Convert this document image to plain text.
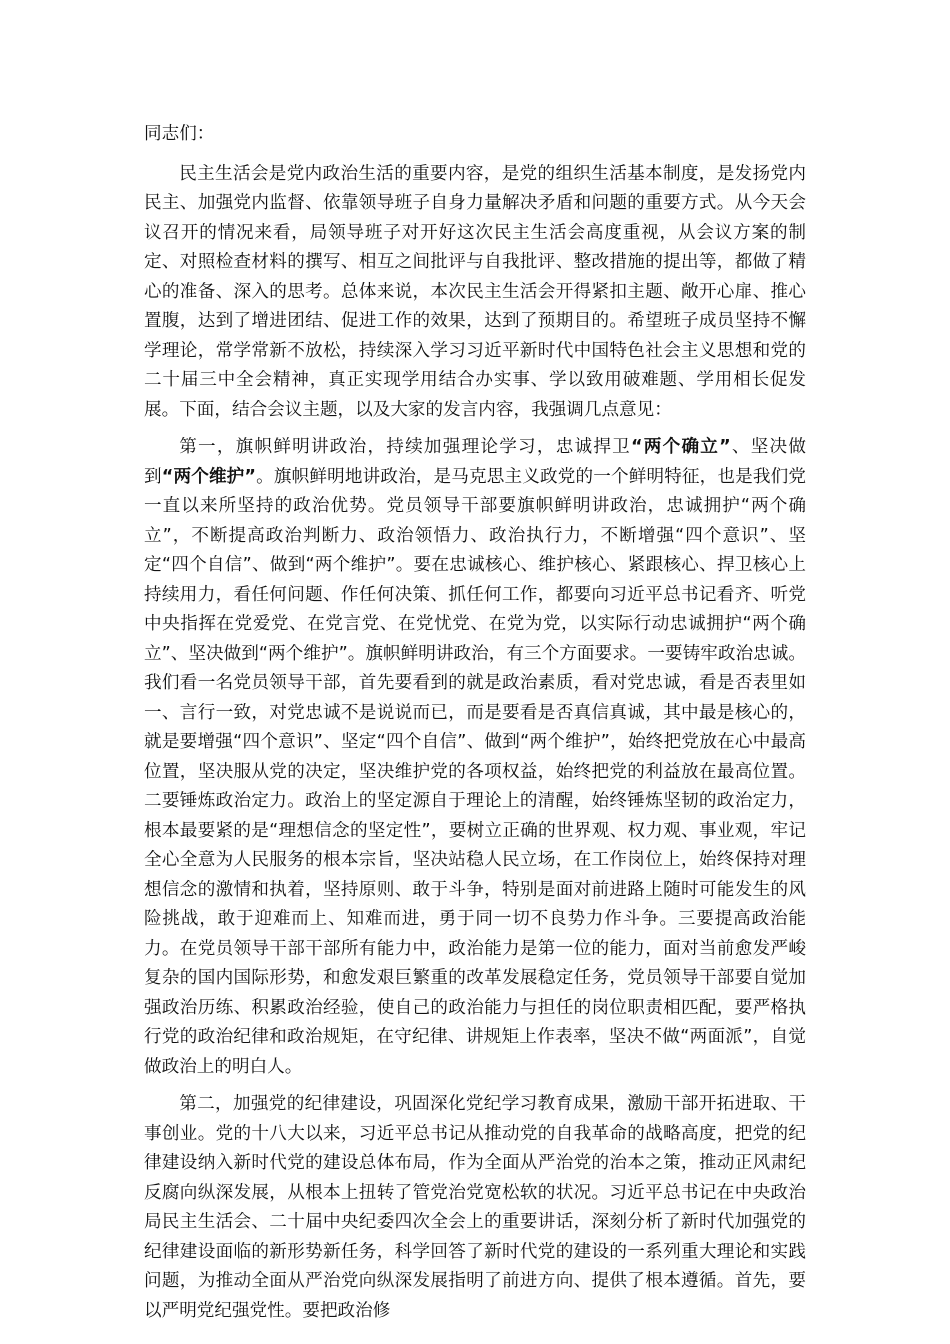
同志们：

民主生活会是党内政治生活的重要内容，是党的组织生活基本制度，是发扬党内民主、加强党内监督、依靠领导班子自身力量解决矛盾和问题的重要方式。从今天会议召开的情况来看，局领导班子对开好这次民主生活会高度重视，从会议方案的制定、对照检查材料的撰写、相互之间批评与自我批评、整改措施的提出等，都做了精心的准备、深入的思考。总体来说，本次民主生活会开得紧扣主题、敞开心扉、推心置腹，达到了增进团结、促进工作的效果，达到了预期目的。希望班子成员坚持不懈学理论，常学常新不放松，持续深入学习习近平新时代中国特色社会主义思想和党的二十届三中全会精神，真正实现学用结合办实事、学以致用破难题、学用相长促发展。下面，结合会议主题，以及大家的发言内容，我强调几点意见：

第一，旗帜鲜明讲政治，持续加强理论学习，忠诚捍卫“两个确立”、坚决做到“两个维护”。旗帜鲜明地讲政治，是马克思主义政党的一个鲜明特征，也是我们党一直以来所坚持的政治优势。党员领导干部要旗帜鲜明讲政治，忠诚拥护“两个确立”，不断提高政治判断力、政治领悟力、政治执行力，不断增强“四个意识”、坚定“四个自信”、做到“两个维护”。要在忠诚核心、维护核心、紧跟核心、捍卫核心上持续用力，看任何问题、作任何决策、抓任何工作，都要向习近平总书记看齐、听党中央指挥在党爱党、在党言党、在党忧党、在党为党，以实际行动忠诚拥护“两个确立”、坚决做到“两个维护”。旗帜鲜明讲政治，有三个方面要求。一要铸牢政治忠诚。我们看一名党员领导干部，首先要看到的就是政治素质，看对党忠诚，看是否表里如一、言行一致，对党忠诚不是说说而已，而是要看是否真信真诚，其中最是核心的，就是要增强“四个意识”、坚定“四个自信”、做到“两个维护”，始终把党放在心中最高位置，坚决服从党的决定，坚决维护党的各项权益，始终把党的利益放在最高位置。二要锤炼政治定力。政治上的坚定源自于理论上的清醒，始终锤炼坚韧的政治定力，根本最要紧的是“理想信念的坚定性”，要树立正确的世界观、权力观、事业观，牢记全心全意为人民服务的根本宗旨，坚决站稳人民立场，在工作岗位上，始终保持对理想信念的激情和执着，坚持原则、敢于斗争，特别是面对前进路上随时可能发生的风险挑战，敢于迎难而上、知难而进，勇于同一切不良势力作斗争。三要提高政治能力。在党员领导干部干部所有能力中，政治能力是第一位的能力，面对当前愈发严峻复杂的国内国际形势，和愈发艰巨繁重的改革发展稳定任务，党员领导干部要自觉加强政治历练、积累政治经验，使自己的政治能力与担任的岗位职责相匹配，要严格执行党的政治纪律和政治规矩，在守纪律、讲规矩上作表率，坚决不做“两面派”，自觉做政治上的明白人。

第二，加强党的纪律建设，巩固深化党纪学习教育成果，激励干部开拓进取、干事创业。党的十八大以来，习近平总书记从推动党的自我革命的战略高度，把党的纪律建设纳入新时代党的建设总体布局，作为全面从严治党的治本之策，推动正风肃纪反腐向纵深发展，从根本上扭转了管党治党宽松软的状况。习近平总书记在中央政治局民主生活会、二十届中央纪委四次全会上的重要讲话，深刻分析了新时代加强党的纪律建设面临的新形势新任务，科学回答了新时代党的建设的一系列重大理论和实践问题，为推动全面从严治党向纵深发展指明了前进方向、提供了根本遵循。首先，要以严明党纪强党性。要把政治修
